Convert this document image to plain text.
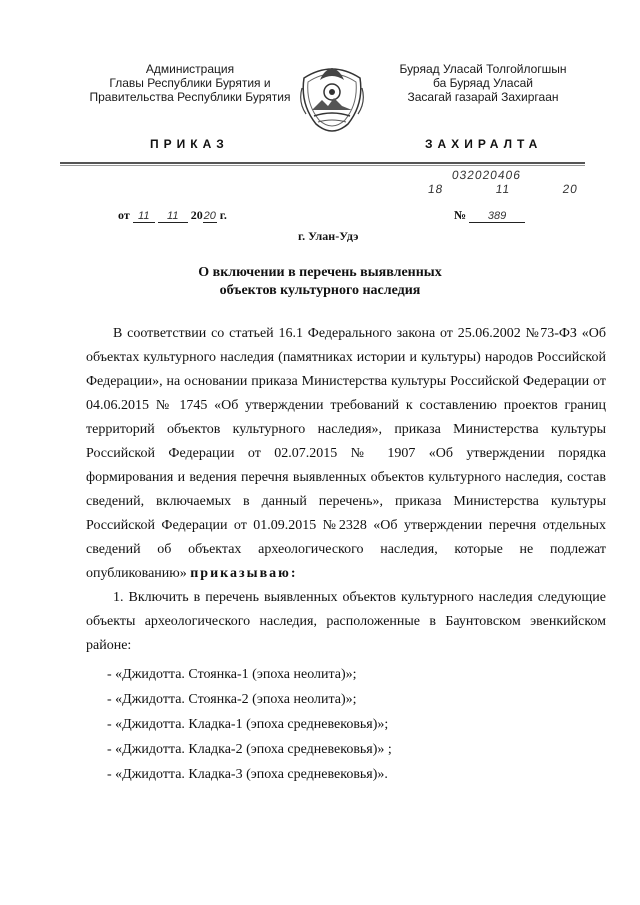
Администрация
Главы Республики Бурятия и
Правительства Республики Бурятия
Буряад Уласай Толгойлогшын
ба Буряад Уласай
Засагай газарай Захиргаан
ПРИКАЗ	ЗАХИРАЛТА
032020406
18	11	20
от 11 11 2020 г.	№ 389
г. Улан-Удэ
О включении в перечень выявленных
объектов культурного наследия

В соответствии со статьей 16.1 Федерального закона от 25.06.2002 №73-ФЗ «Об объектах культурного наследия (памятниках истории и культуры) народов Российской Федерации», на основании приказа Министерства культуры Российской Федерации от 04.06.2015 № 1745 «Об утверждении требований к составлению проектов границ территорий объектов культурного наследия», приказа Министерства культуры Российской Федерации от 02.07.2015 № 1907 «Об утверждении порядка формирования и ведения перечня выявленных объектов культурного наследия, состав сведений, включаемых в данный перечень», приказа Министерства культуры Российской Федерации от 01.09.2015 №2328 «Об утверждении перечня отдельных сведений об объектах археологического наследия, которые не подлежат опубликованию» приказываю:

1. Включить в перечень выявленных объектов культурного наследия следующие объекты археологического наследия, расположенные в Баунтовском эвенкийском районе:

- «Джидотта. Стоянка-1 (эпоха неолита)»;

- «Джидотта. Стоянка-2 (эпоха неолита)»;

- «Джидотта. Кладка-1 (эпоха средневековья)»;

- «Джидотта. Кладка-2 (эпоха средневековья)» ;

- «Джидотта. Кладка-3 (эпоха средневековья)».
